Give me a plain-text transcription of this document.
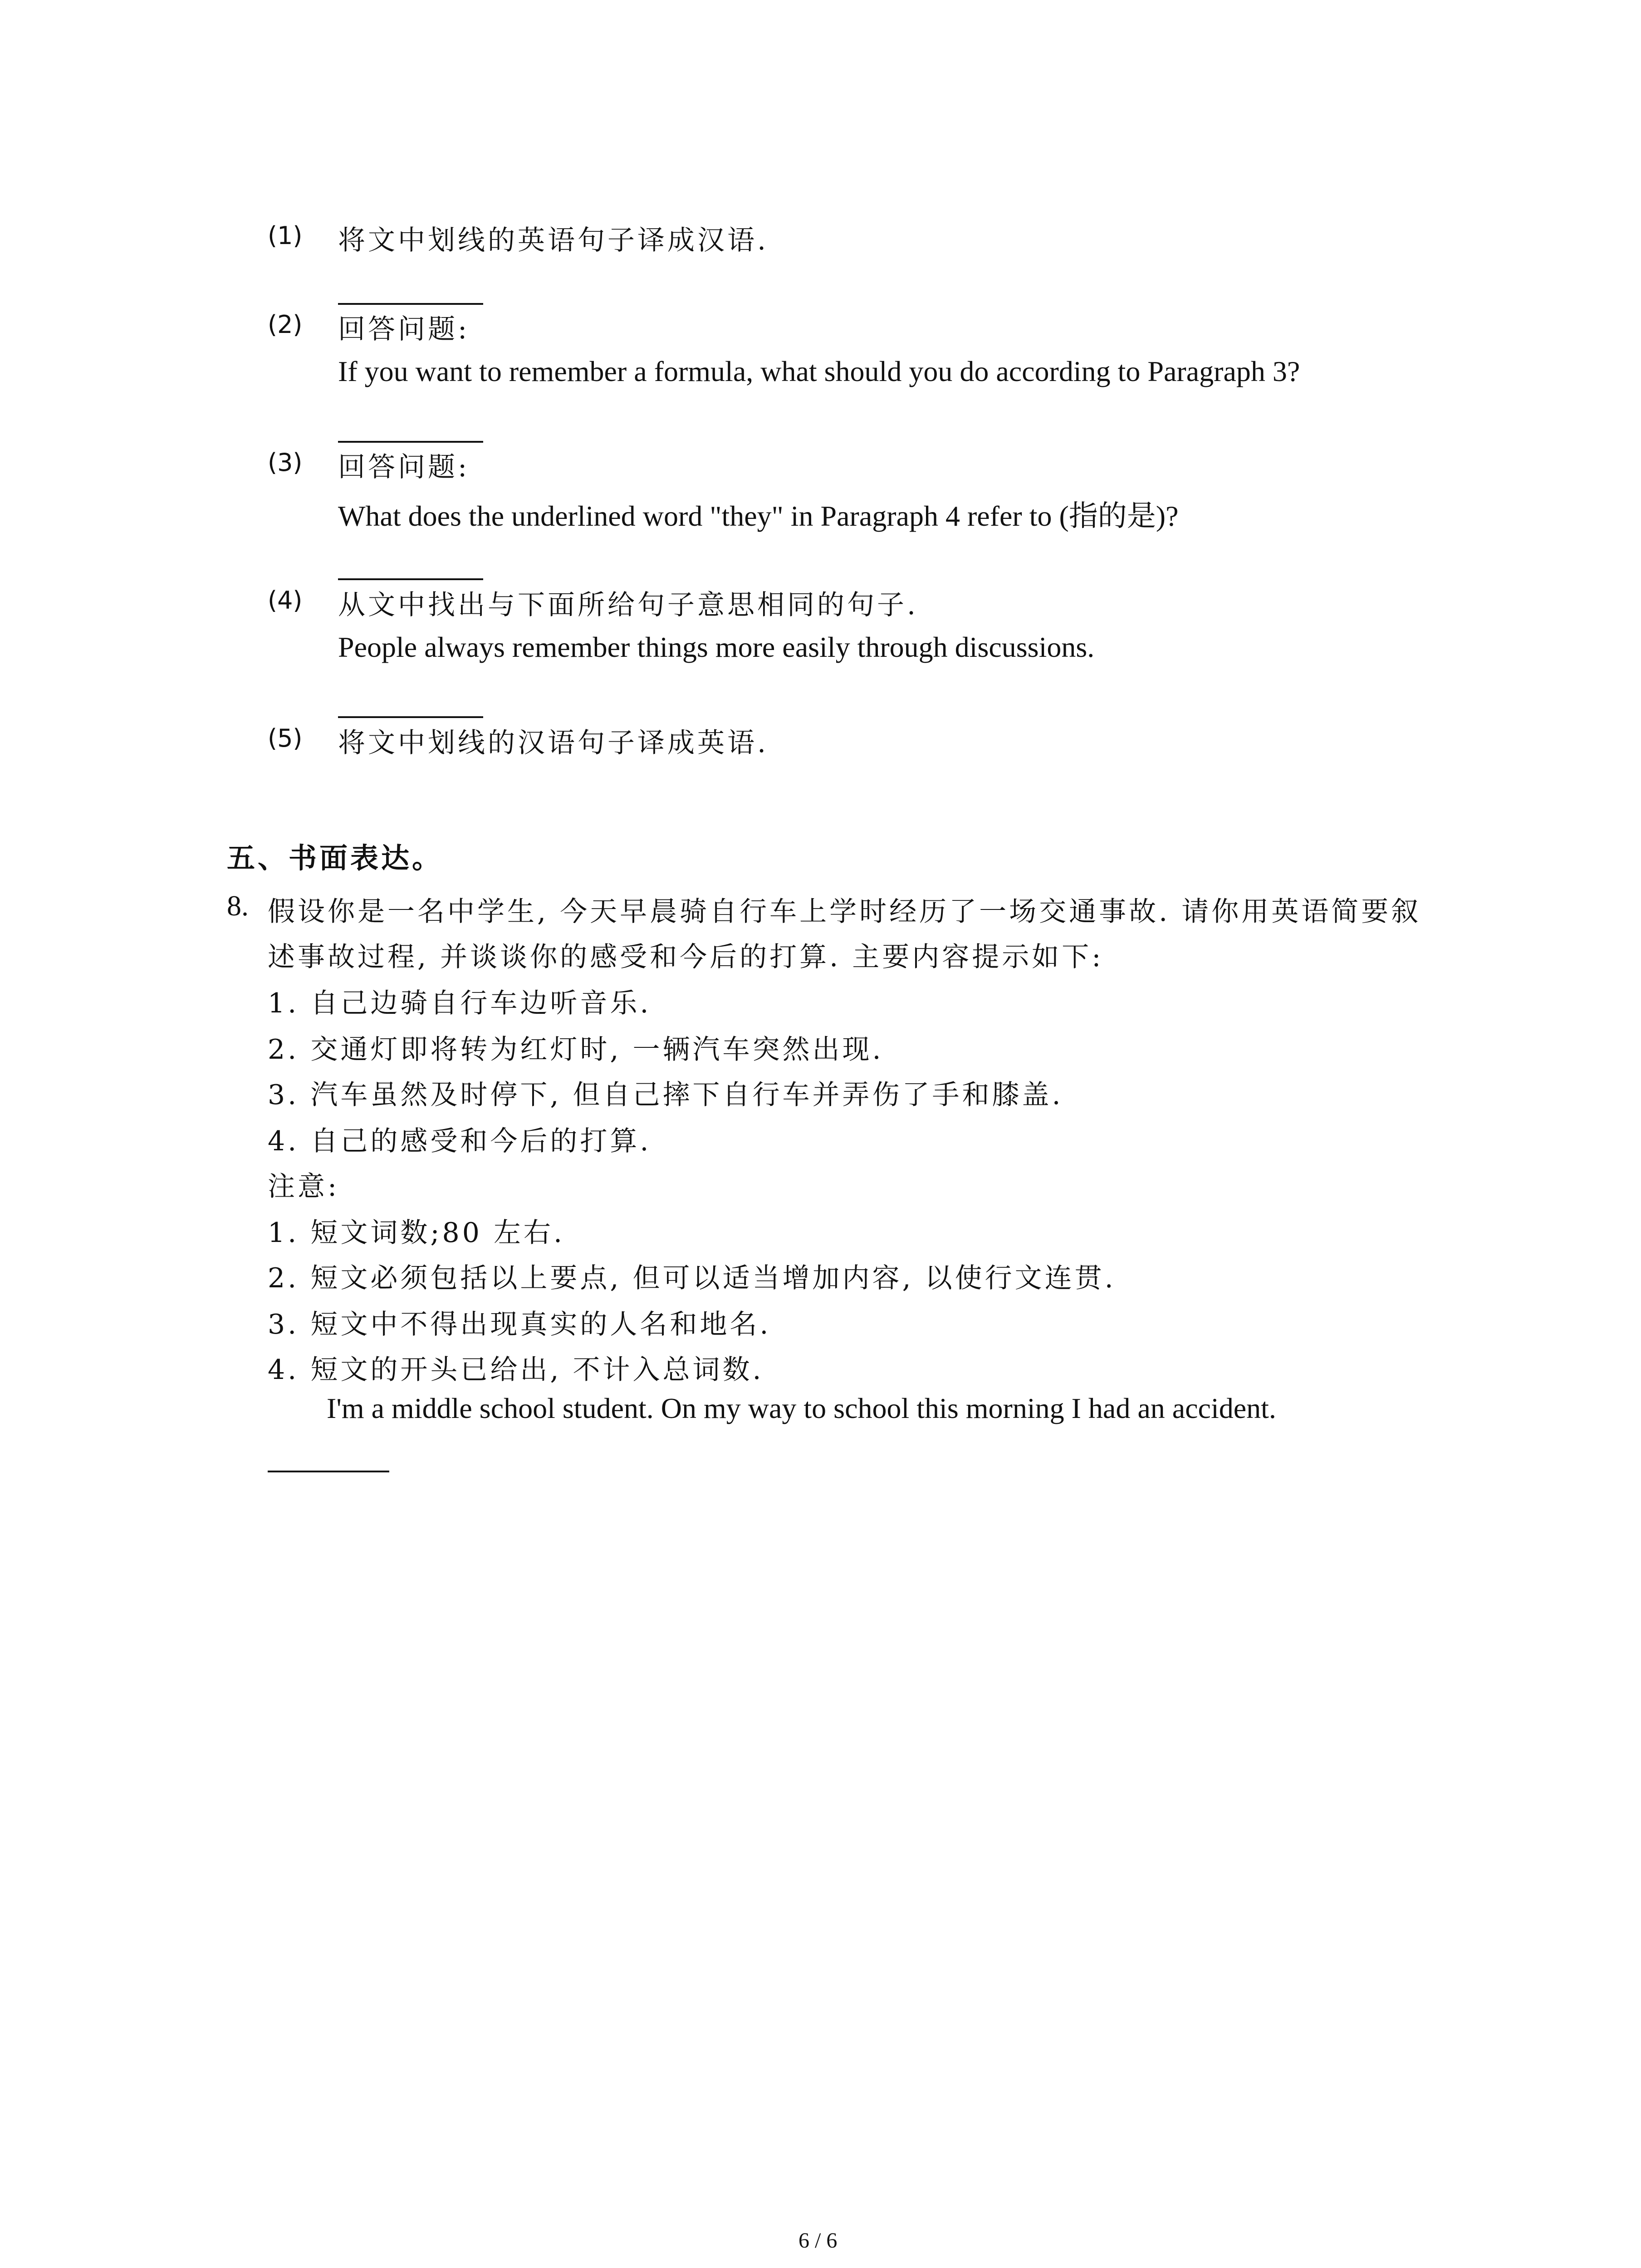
(1) 将文中划线的英语句子译成汉语.
(2) 回答问题:
If you want to remember a formula, what should you do according to Paragraph 3?
(3) 回答问题:
What does the underlined word "they" in Paragraph 4 refer to (指的是)?
(4) 从文中找出与下面所给句子意思相同的句子.
People always remember things more easily through discussions.
(5) 将文中划线的汉语句子译成英语.
五、书面表达。
8. 假设你是一名中学生, 今天早晨骑自行车上学时经历了一场交通事故. 请你用英语简要叙
述事故过程, 并谈谈你的感受和今后的打算. 主要内容提示如下:
1. 自己边骑自行车边听音乐.
2. 交通灯即将转为红灯时, 一辆汽车突然出现.
3. 汽车虽然及时停下, 但自己摔下自行车并弄伤了手和膝盖.
4. 自己的感受和今后的打算.
注意:
1. 短文词数;80 左右.
2. 短文必须包括以上要点, 但可以适当增加内容, 以使行文连贯.
3. 短文中不得出现真实的人名和地名.
4. 短文的开头已给出, 不计入总词数.
I'm a middle school student. On my way to school this morning I had an accident.
6 / 6
